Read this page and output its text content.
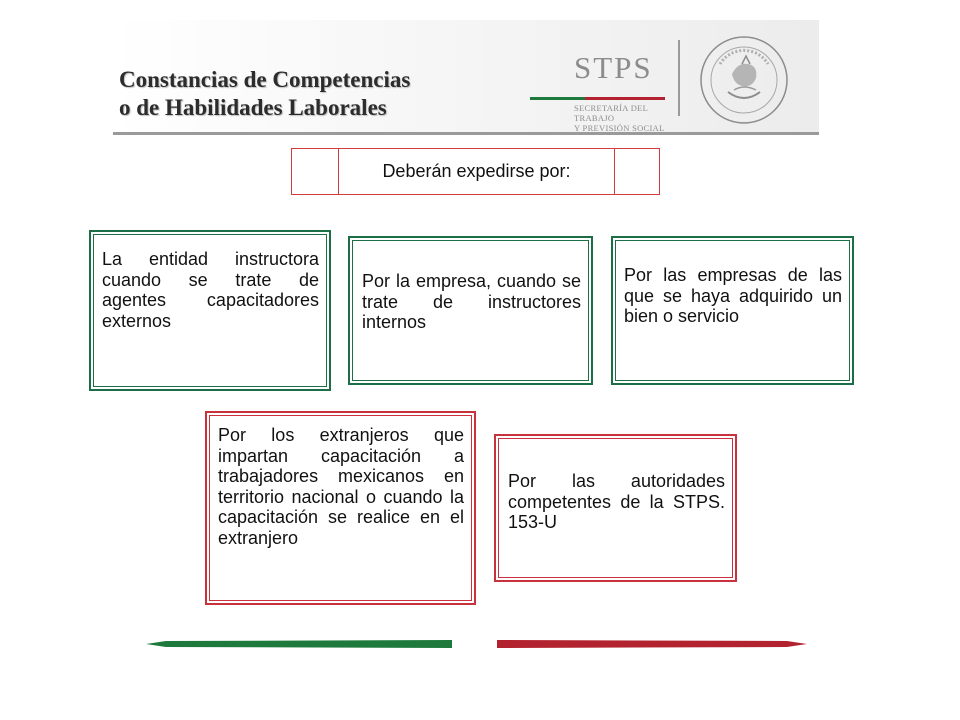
Constancias de Competencias
o de Habilidades Laborales
STPS
SECRETARÍA DEL TRABAJO
Y PREVISIÓN SOCIAL
Deberán expedirse por:

La entidad instructora cuando se trate de agentes capacitadores externos

Por la empresa, cuando se trate de instructores internos

Por las empresas de las que se haya adquirido un bien o servicio

Por los extranjeros que impartan capacitación a trabajadores mexicanos en territorio nacional o cuando la capacitación se realice en el extranjero

Por las autoridades competentes de la STPS. 153-U
